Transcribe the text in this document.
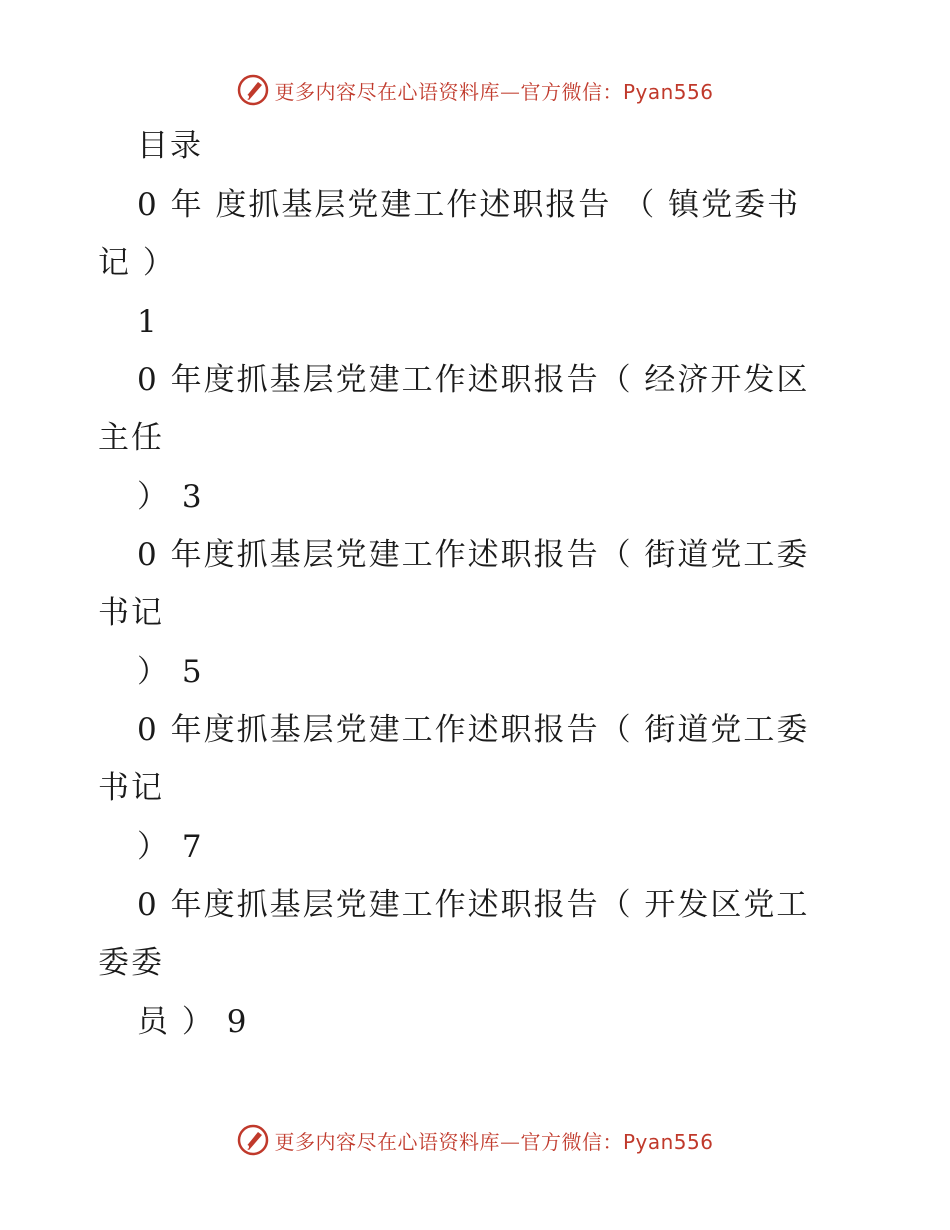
更多内容尽在心语资料库—官方微信：Pyan556
目录
0 年 度抓基层党建工作述职报告 （ 镇党委书
记 ）
1
0 年度抓基层党建工作述职报告（ 经济开发区
主任
） 3
0 年度抓基层党建工作述职报告（ 街道党工委
书记
） 5
0 年度抓基层党建工作述职报告（ 街道党工委
书记
） 7
0 年度抓基层党建工作述职报告（ 开发区党工
委委
员 ） 9
更多内容尽在心语资料库—官方微信：Pyan556
